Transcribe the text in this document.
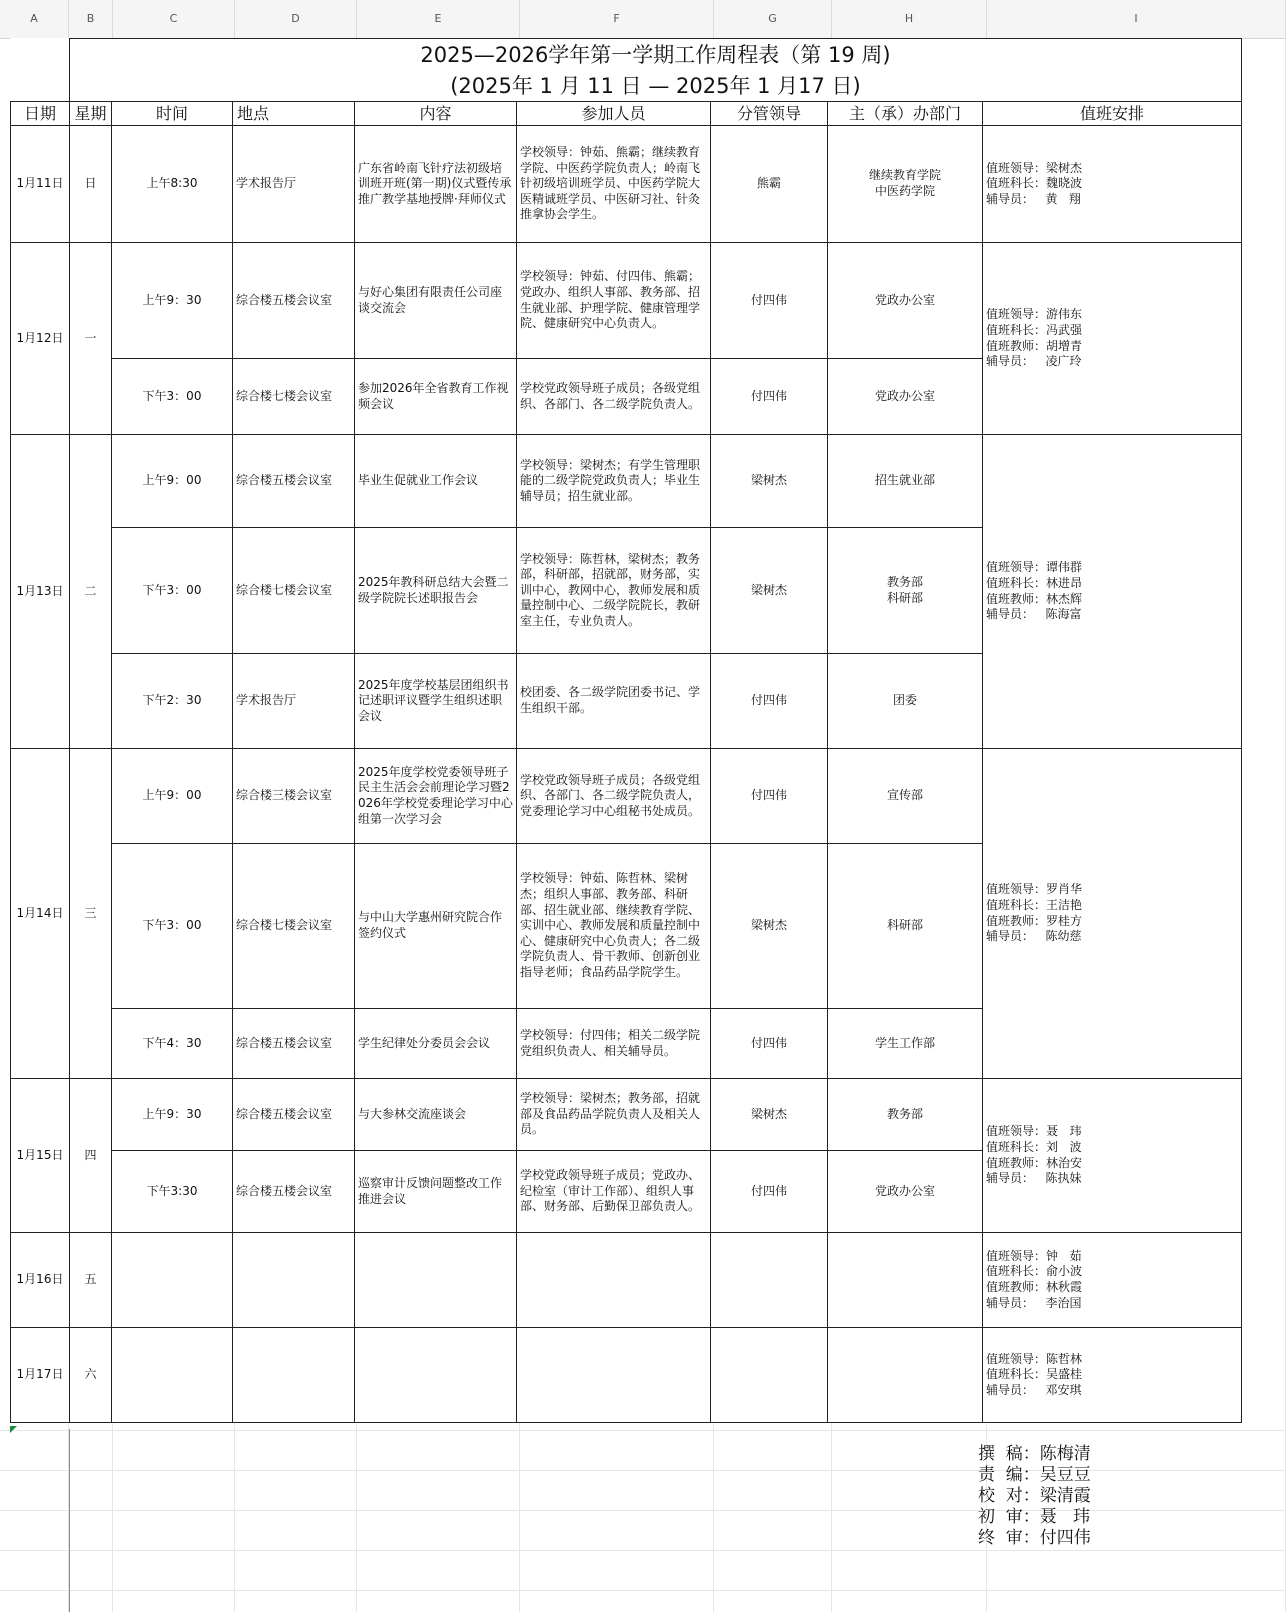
A	B	C	D	E	F	G	H	I
	2025—2026学年第一学期工作周程表（第 19 周)							
	(2025年 1 月 11 日 — 2025年 1 月17 日)							
日期	星期	时间	地点	内容	参加人员	分管领导	主（承）办部门	值班安排
1月11日	日	上午8:30	学术报告厅	广东省岭南飞针疗法初级培训班开班(第一期)仪式暨传承推广教学基地授牌·拜师仪式	学校领导：钟茹、熊霸；继续教育学院、中医药学院负责人；岭南飞针初级培训班学员、中医药学院大医精诚班学员、中医研习社、针灸推拿协会学生。	熊霸	继续教育学院
中医药学院	值班领导：梁树杰
值班科长：魏晓波
辅导员：   黄   翔

1月12日	一	上午9：30	综合楼五楼会议室	与好心集团有限责任公司座谈交流会	学校领导：钟茹、付四伟、熊霸；党政办、组织人事部、教务部、招生就业部、护理学院、健康管理学院、健康研究中心负责人。	付四伟	党政办公室	值班领导：游伟东
值班科长：冯武强
值班教师：胡增青
辅导员：   凌广玲

		下午3：00	综合楼七楼会议室	参加2026年全省教育工作视频会议	学校党政领导班子成员；各级党组织、各部门、各二级学院负责人。	付四伟	党政办公室	
1月13日	二	上午9：00	综合楼五楼会议室	毕业生促就业工作会议	学校领导：梁树杰；有学生管理职能的二级学院党政负责人；毕业生辅导员；招生就业部。	梁树杰	招生就业部	值班领导：谭伟群
值班科长：林进昂
值班教师：林杰辉
辅导员：   陈海富

		下午3：00	综合楼七楼会议室	2025年教科研总结大会暨二级学院院长述职报告会	学校领导：陈哲林，梁树杰；教务部，科研部，招就部，财务部，实训中心，教网中心，教师发展和质量控制中心、二级学院院长，教研室主任，专业负责人。	梁树杰	教务部
科研部	
		下午2：30	学术报告厅	2025年度学校基层团组织书记述职评议暨学生组织述职会议	校团委、各二级学院团委书记、学生组织干部。	付四伟	团委	
1月14日	三	上午9：00	综合楼三楼会议室	2025年度学校党委领导班子民主生活会会前理论学习暨2026年学校党委理论学习中心组第一次学习会	学校党政领导班子成员；各级党组织、各部门、各二级学院负责人，党委理论学习中心组秘书处成员。	付四伟	宣传部	值班领导：罗肖华
值班科长：王洁艳
值班教师：罗桂方
辅导员：   陈幼慈

		下午3：00	综合楼七楼会议室	与中山大学惠州研究院合作签约仪式	学校领导：钟茹、陈哲林、梁树杰；组织人事部、教务部、科研部、招生就业部、继续教育学院、实训中心、教师发展和质量控制中心、健康研究中心负责人；各二级学院负责人、骨干教师、创新创业指导老师；食品药品学院学生。	梁树杰	科研部	
		下午4：30	综合楼五楼会议室	学生纪律处分委员会会议	学校领导：付四伟；相关二级学院党组织负责人、相关辅导员。	付四伟	学生工作部	
1月15日	四	上午9：30	综合楼五楼会议室	与大参林交流座谈会	学校领导：梁树杰；教务部，招就部及食品药品学院负责人及相关人员。	梁树杰	教务部	值班领导：聂   玮
值班科长：刘   波
值班教师：林治安
辅导员：   陈执妹

		下午3:30	综合楼五楼会议室	巡察审计反馈问题整改工作推进会议	学校党政领导班子成员；党政办、纪检室（审计工作部）、组织人事部、财务部、后勤保卫部负责人。	付四伟	党政办公室	
1月16日	五							值班领导：钟   茹
值班科长：俞小波
值班教师：林秋霞
辅导员：   李治国

1月17日	六							值班领导：陈哲林
值班科长：吴盛桂
辅导员：   邓安琪
撰  稿：陈梅清
责  编：吴豆豆
校  对：梁清霞
初  审：聂   玮
终  审：付四伟
